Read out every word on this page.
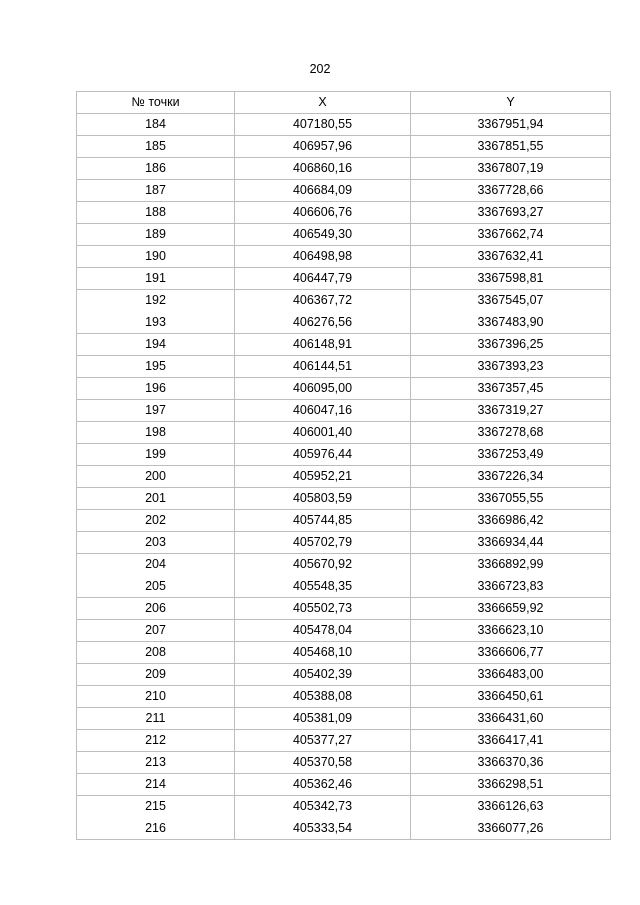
202
№ точки	X	Y
184	407180,55	3367951,94
185	406957,96	3367851,55
186	406860,16	3367807,19
187	406684,09	3367728,66
188	406606,76	3367693,27
189	406549,30	3367662,74
190	406498,98	3367632,41
191	406447,79	3367598,81
192	406367,72	3367545,07
193	406276,56	3367483,90
194	406148,91	3367396,25
195	406144,51	3367393,23
196	406095,00	3367357,45
197	406047,16	3367319,27
198	406001,40	3367278,68
199	405976,44	3367253,49
200	405952,21	3367226,34
201	405803,59	3367055,55
202	405744,85	3366986,42
203	405702,79	3366934,44
204	405670,92	3366892,99
205	405548,35	3366723,83
206	405502,73	3366659,92
207	405478,04	3366623,10
208	405468,10	3366606,77
209	405402,39	3366483,00
210	405388,08	3366450,61
211	405381,09	3366431,60
212	405377,27	3366417,41
213	405370,58	3366370,36
214	405362,46	3366298,51
215	405342,73	3366126,63
216	405333,54	3366077,26
